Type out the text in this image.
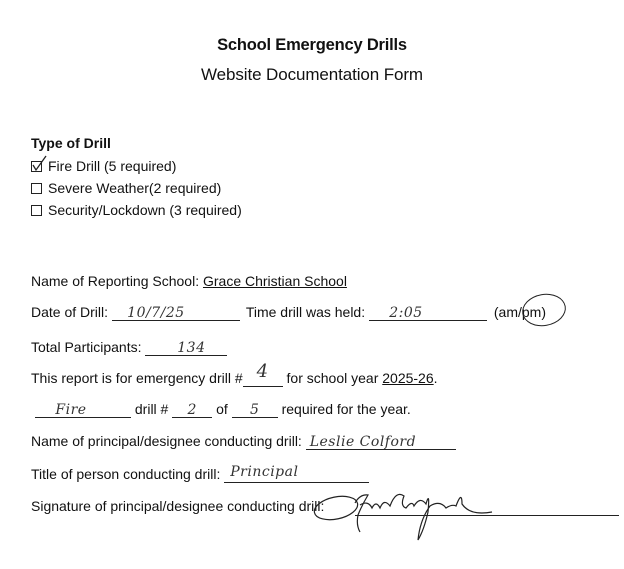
School Emergency Drills
Website Documentation Form
Type of Drill
Fire Drill (5 required)
Severe Weather(2 required)
Security/Lockdown (3 required)
Name of Reporting School: Grace Christian School
Date of Drill: 10/7/25	Time drill was held: 2:05	(am/pm)
Total Participants:	134
This report is for emergency drill # 4 for school year 2025-26.
Fire	drill # 2 of 5 required for the year.
Name of principal/designee conducting drill: Leslie Colford
Title of person conducting drill: Principal
Signature of principal/designee conducting drill:
